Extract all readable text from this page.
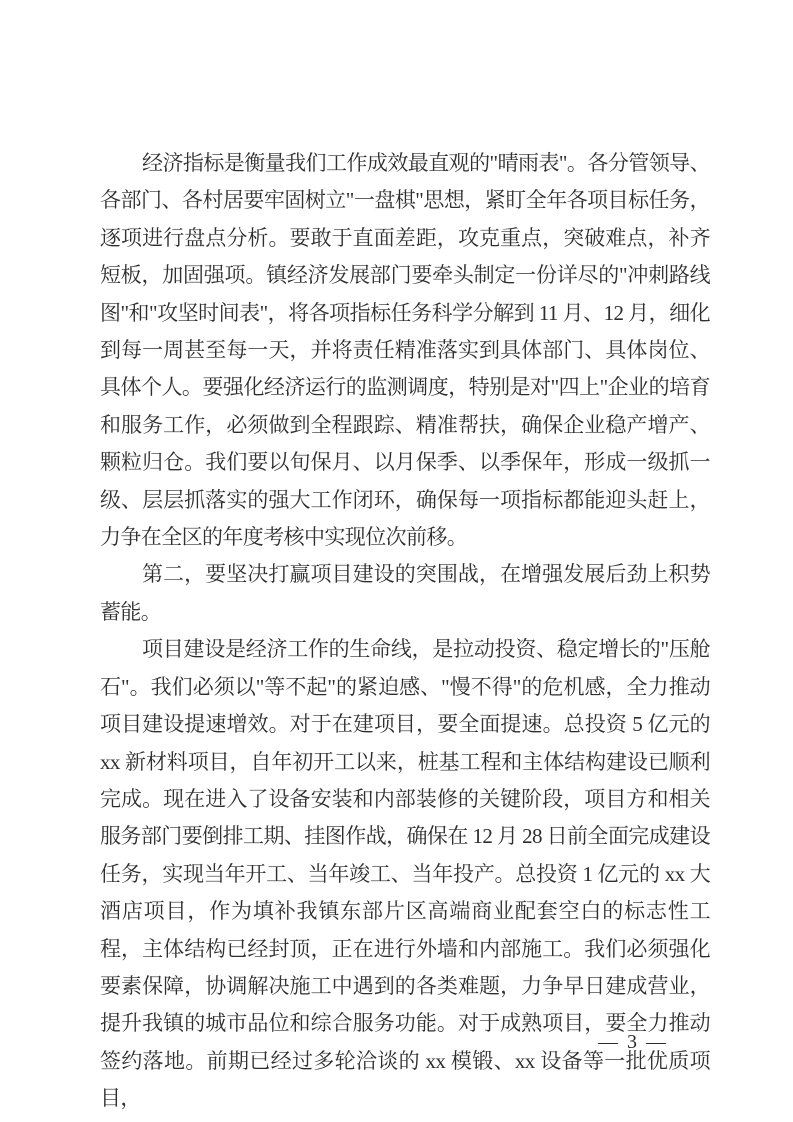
经济指标是衡量我们工作成效最直观的"晴雨表"。各分管领导、各部门、各村居要牢固树立"一盘棋"思想，紧盯全年各项目标任务，逐项进行盘点分析。要敢于直面差距，攻克重点，突破难点，补齐短板，加固强项。镇经济发展部门要牵头制定一份详尽的"冲刺路线图"和"攻坚时间表"，将各项指标任务科学分解到 11 月、12 月，细化到每一周甚至每一天，并将责任精准落实到具体部门、具体岗位、具体个人。要强化经济运行的监测调度，特别是对"四上"企业的培育和服务工作，必须做到全程跟踪、精准帮扶，确保企业稳产增产、颗粒归仓。我们要以旬保月、以月保季、以季保年，形成一级抓一级、层层抓落实的强大工作闭环，确保每一项指标都能迎头赶上，力争在全区的年度考核中实现位次前移。

第二，要坚决打赢项目建设的突围战，在增强发展后劲上积势蓄能。

项目建设是经济工作的生命线，是拉动投资、稳定增长的"压舱石"。我们必须以"等不起"的紧迫感、"慢不得"的危机感，全力推动项目建设提速增效。对于在建项目，要全面提速。总投资 5 亿元的 xx 新材料项目，自年初开工以来，桩基工程和主体结构建设已顺利完成。现在进入了设备安装和内部装修的关键阶段，项目方和相关服务部门要倒排工期、挂图作战，确保在 12 月 28 日前全面完成建设任务，实现当年开工、当年竣工、当年投产。总投资 1 亿元的 xx 大酒店项目，作为填补我镇东部片区高端商业配套空白的标志性工程，主体结构已经封顶，正在进行外墙和内部施工。我们必须强化要素保障，协调解决施工中遇到的各类难题，力争早日建成营业，提升我镇的城市品位和综合服务功能。对于成熟项目，要全力推动签约落地。前期已经过多轮洽谈的 xx 模锻、xx 设备等一批优质项目，

— 3 —
